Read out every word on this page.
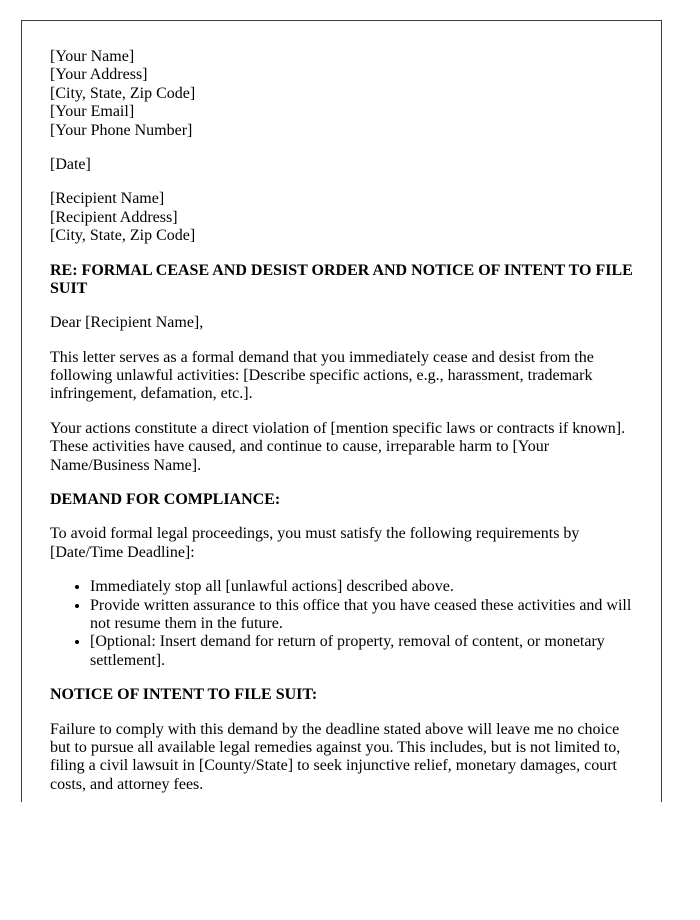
[Your Name]
[Your Address]
[City, State, Zip Code]
[Your Email]
[Your Phone Number]

[Date]

[Recipient Name]
[Recipient Address]
[City, State, Zip Code]

RE: FORMAL CEASE AND DESIST ORDER AND NOTICE OF INTENT TO FILE SUIT

Dear [Recipient Name],

This letter serves as a formal demand that you immediately cease and desist from the following unlawful activities: [Describe specific actions, e.g., harassment, trademark infringement, defamation, etc.].

Your actions constitute a direct violation of [mention specific laws or contracts if known]. These activities have caused, and continue to cause, irreparable harm to [Your Name/Business Name].

DEMAND FOR COMPLIANCE:

To avoid formal legal proceedings, you must satisfy the following requirements by [Date/Time Deadline]:

• Immediately stop all [unlawful actions] described above.
• Provide written assurance to this office that you have ceased these activities and will not resume them in the future.
• [Optional: Insert demand for return of property, removal of content, or monetary settlement].

NOTICE OF INTENT TO FILE SUIT:

Failure to comply with this demand by the deadline stated above will leave me no choice but to pursue all available legal remedies against you. This includes, but is not limited to, filing a civil lawsuit in [County/State] to seek injunctive relief, monetary damages, court costs, and attorney fees.
